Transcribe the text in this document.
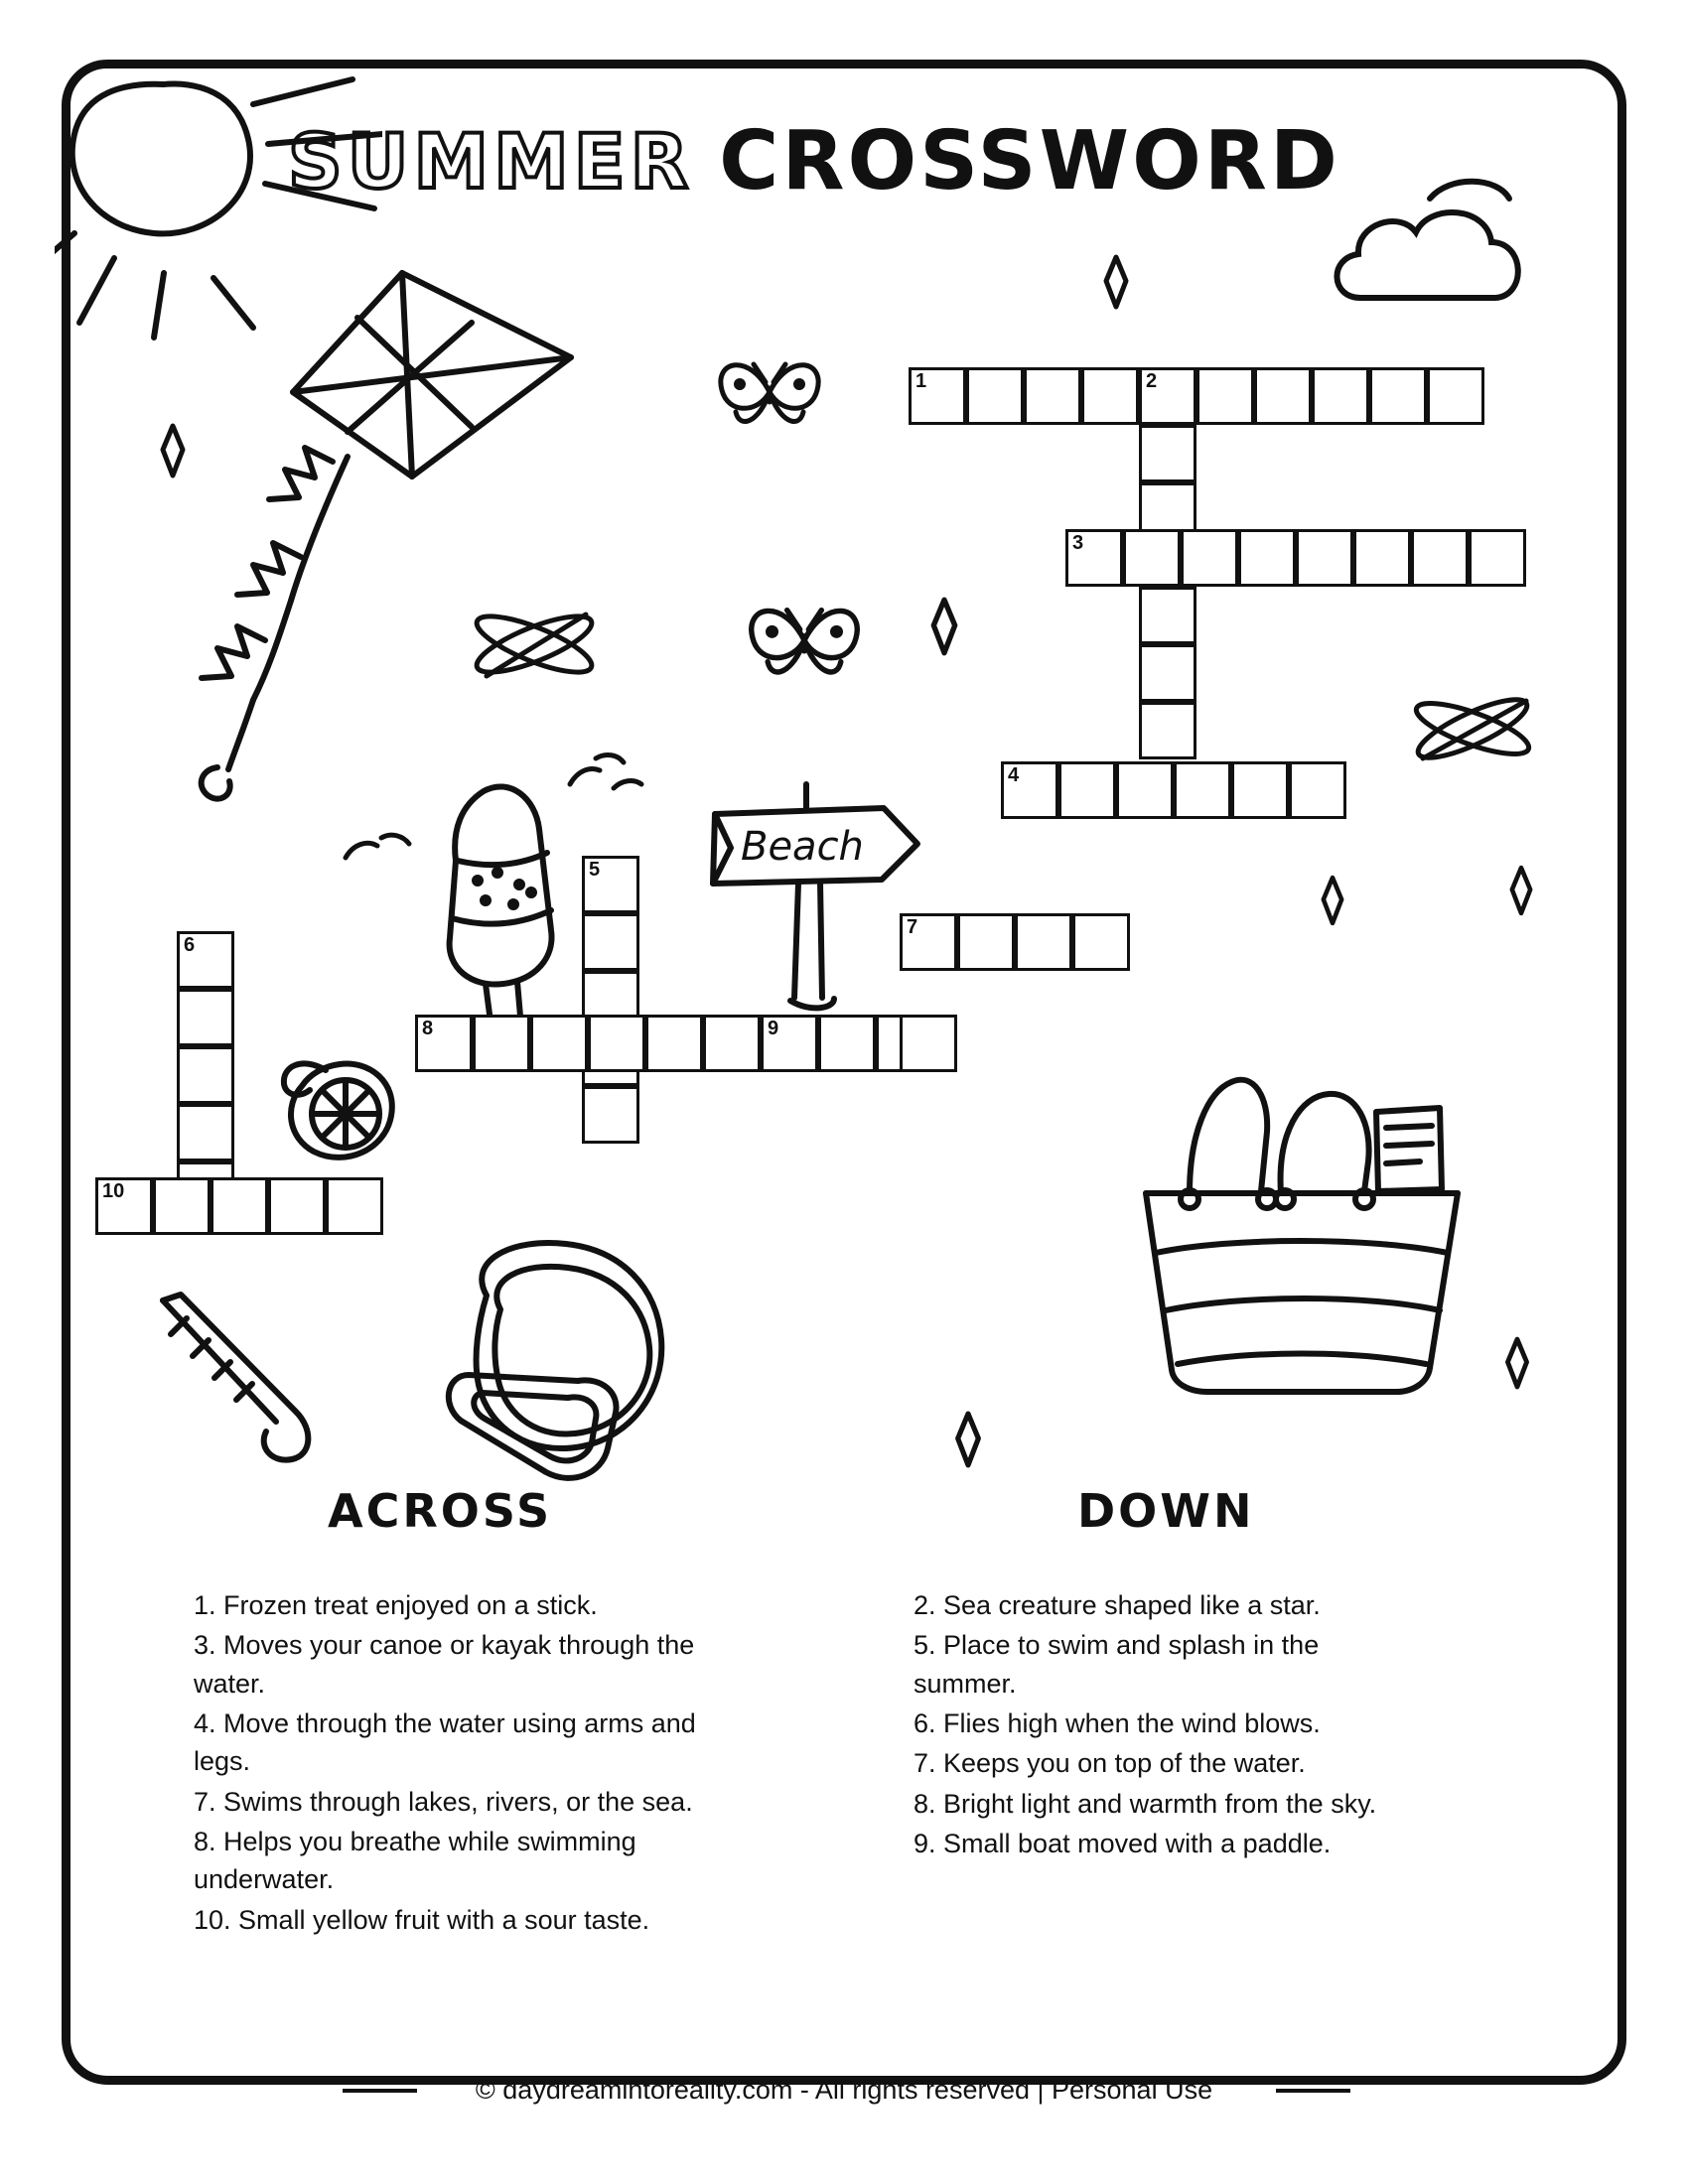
SUMMER CROSSWORD
Beach
1	2
3
4
5
7
6
8	9
10
ACROSS	DOWN

1. Frozen treat enjoyed on a stick.

3. Moves your canoe or kayak through the water.

4. Move through the water using arms and legs.

7. Swims through lakes, rivers, or the sea.

8. Helps you breathe while swimming underwater.

10. Small yellow fruit with a sour taste.

2. Sea creature shaped like a star.

5. Place to swim and splash in the summer.

6. Flies high when the wind blows.

7. Keeps you on top of the water.

8. Bright light and warmth from the sky.

9. Small boat moved with a paddle.

© daydreamintoreality.com - All rights reserved | Personal Use
